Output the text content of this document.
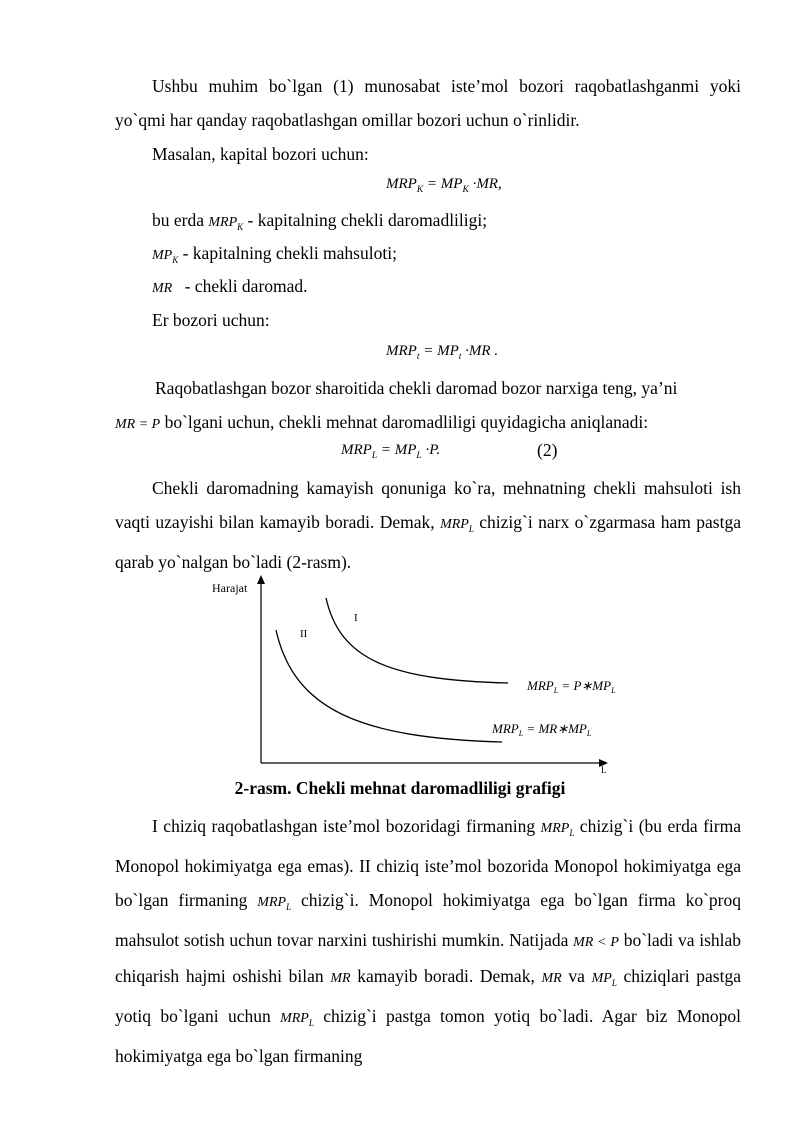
Ushbu muhim bo`lgan (1) munosabat iste’mol bozori raqobatlashganmi yoki yo`qmi har qanday raqobatlashgan omillar bozori uchun o`rinlidir.
Masalan, kapital bozori uchun:
$MRP_K = MP_K \cdot MR$,
bu erda $MRP_K$ - kapitalning chekli daromadliligi;
$MP_K$ - kapitalning chekli mahsuloti;
MR - chekli daromad.
Er bozori uchun:
$MRP_t = MP_t \cdot MR$ .
Raqobatlashgan bozor sharoitida chekli daromad bozor narxiga teng, ya’ni
MR = P bo`lgani uchun, chekli mehnat daromadliligi quyidagicha aniqlanadi:
$MRP_L = MP_L \cdot P$.	(2)
Chekli daromadning kamayish qonuniga ko`ra, mehnatning chekli mahsuloti ish vaqti uzayishi bilan kamayib boradi. Demak, $MRP_L$ chizig`i narx o`zgarmasa ham pastga qarab yo`nalgan bo`ladi (2-rasm).
Harajat
L
I
II
$MRP_L$ = $P∗MP_L$
$MRP_L$ = $MR∗MP_L$
2-rasm. Chekli mehnat daromadliligi grafigi
I chiziq raqobatlashgan iste’mol bozoridagi firmaning $MRP_L$ chizig`i (bu erda firma Monopol hokimiyatga ega emas). II chiziq iste’mol bozorida Monopol hokimiyatga ega bo`lgan firmaning $MRP_L$ chizig`i. Monopol hokimiyatga ega bo`lgan firma ko`proq mahsulot sotish uchun tovar narxini tushirishi mumkin. Natijada MR < P bo`ladi va ishlab chiqarish hajmi oshishi bilan MR kamayib boradi. Demak, MR va $MP_L$ chiziqlari pastga yotiq bo`lgani uchun $MRP_L$ chizig`i pastga tomon yotiq bo`ladi. Agar biz Monopol hokimiyatga ega bo`lgan firmaning
